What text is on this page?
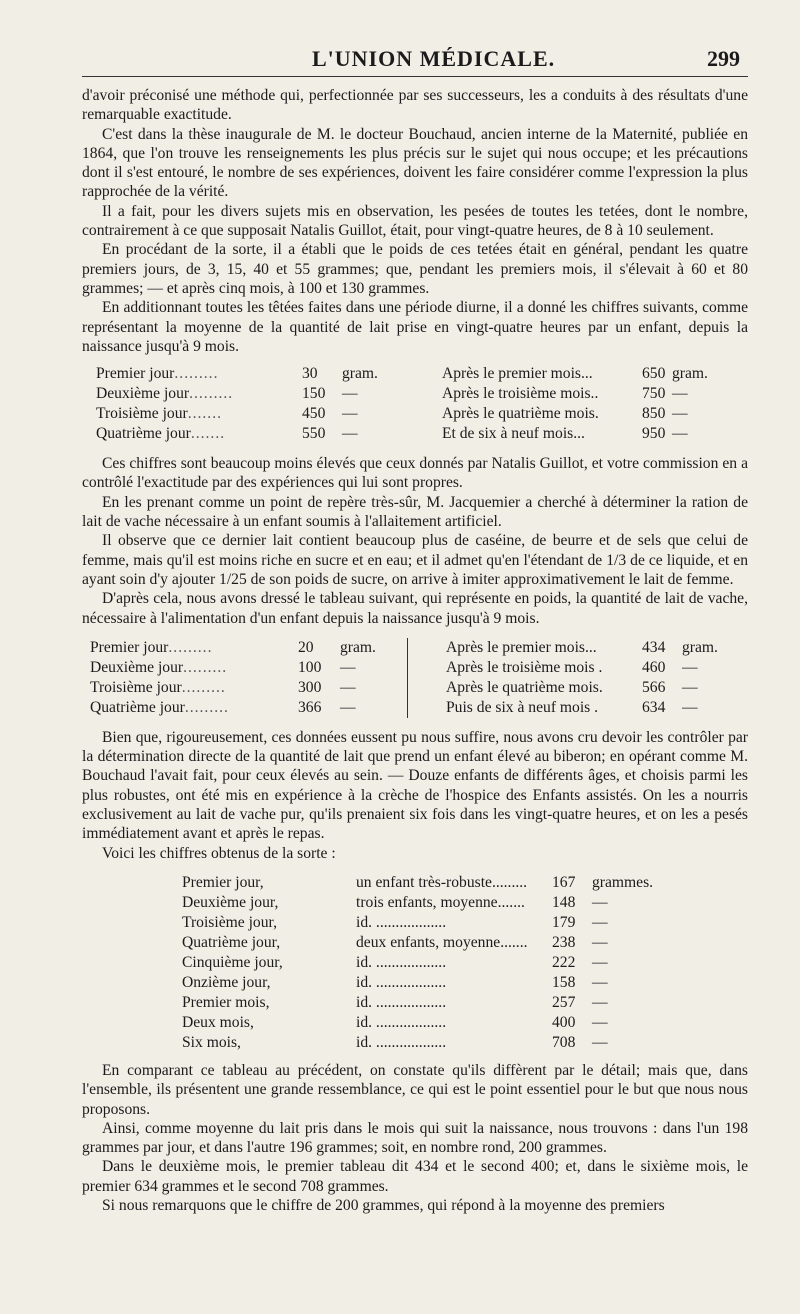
L'UNION MÉDICALE.	299

d'avoir préconisé une méthode qui, perfectionnée par ses successeurs, les a conduits à des résultats d'une remarquable exactitude.

C'est dans la thèse inaugurale de M. le docteur Bouchaud, ancien interne de la Maternité, publiée en 1864, que l'on trouve les renseignements les plus précis sur le sujet qui nous occupe; et les précautions dont il s'est entouré, le nombre de ses expériences, doivent les faire considérer comme l'expression la plus rapprochée de la vérité.

Il a fait, pour les divers sujets mis en observation, les pesées de toutes les tetées, dont le nombre, contrairement à ce que supposait Natalis Guillot, était, pour vingt-quatre heures, de 8 à 10 seulement.

En procédant de la sorte, il a établi que le poids de ces tetées était en général, pendant les quatre premiers jours, de 3, 15, 40 et 55 grammes; que, pendant les premiers mois, il s'élevait à 60 et 80 grammes; — et après cinq mois, à 100 et 130 grammes.

En additionnant toutes les têtées faites dans une période diurne, il a donné les chiffres suivants, comme représentant la moyenne de la quantité de lait prise en vingt-quatre heures par un enfant, depuis la naissance jusqu'à 9 mois.

Premier jour.........	30	gram.	Après le premier mois...	650 gram.
Deuxième jour.........	150	—	Après le troisième mois..	750 —
Troisième jour.......	450	—	Après le quatrième mois.	850 —
Quatrième jour.......	550	—	Et de six à neuf mois...	950 —

Ces chiffres sont beaucoup moins élevés que ceux donnés par Natalis Guillot, et votre commission en a contrôlé l'exactitude par des expériences qui lui sont propres.

En les prenant comme un point de repère très-sûr, M. Jacquemier a cherché à déterminer la ration de lait de vache nécessaire à un enfant soumis à l'allaitement artificiel.

Il observe que ce dernier lait contient beaucoup plus de caséine, de beurre et de sels que celui de femme, mais qu'il est moins riche en sucre et en eau; et il admet qu'en l'étendant de 1/3 de ce liquide, et en ayant soin d'y ajouter 1/25 de son poids de sucre, on arrive à imiter approximativement le lait de femme.

D'après cela, nous avons dressé le tableau suivant, qui représente en poids, la quantité de lait de vache, nécessaire à l'alimentation d'un enfant depuis la naissance jusqu'à 9 mois.

Premier jour.........	20	gram.	Après le premier mois...	434	gram.
Deuxième jour.........	100	—	Après le troisième mois .	460	—
Troisième jour.........	300	—	Après le quatrième mois.	566	—
Quatrième jour.........	366	—	Puis de six à neuf mois .	634	—

Bien que, rigoureusement, ces données eussent pu nous suffire, nous avons cru devoir les contrôler par la détermination directe de la quantité de lait que prend un enfant élevé au biberon; en opérant comme M. Bouchaud l'avait fait, pour ceux élevés au sein. — Douze enfants de différents âges, et choisis parmi les plus robustes, ont été mis en expérience à la crèche de l'hospice des Enfants assistés. On les a nourris exclusivement au lait de vache pur, qu'ils prenaient six fois dans les vingt-quatre heures, et on les a pesés immédiatement avant et après le repas.

Voici les chiffres obtenus de la sorte :

Premier jour,	un enfant très-robuste.........	167	grammes.
Deuxième jour,	trois enfants, moyenne.......	148	—
Troisième jour,	id. ..................	179	—
Quatrième jour,	deux enfants, moyenne.......	238	—
Cinquième jour,	id. ..................	222	—
Onzième jour,	id. ..................	158	—
Premier mois,	id. ..................	257	—
Deux mois,	id. ..................	400	—
Six mois,	id. ..................	708	—

En comparant ce tableau au précédent, on constate qu'ils diffèrent par le détail; mais que, dans l'ensemble, ils présentent une grande ressemblance, ce qui est le point essentiel pour le but que nous nous proposons.

Ainsi, comme moyenne du lait pris dans le mois qui suit la naissance, nous trouvons : dans l'un 198 grammes par jour, et dans l'autre 196 grammes; soit, en nombre rond, 200 grammes.

Dans le deuxième mois, le premier tableau dit 434 et le second 400; et, dans le sixième mois, le premier 634 grammes et le second 708 grammes.

Si nous remarquons que le chiffre de 200 grammes, qui répond à la moyenne des premiers
